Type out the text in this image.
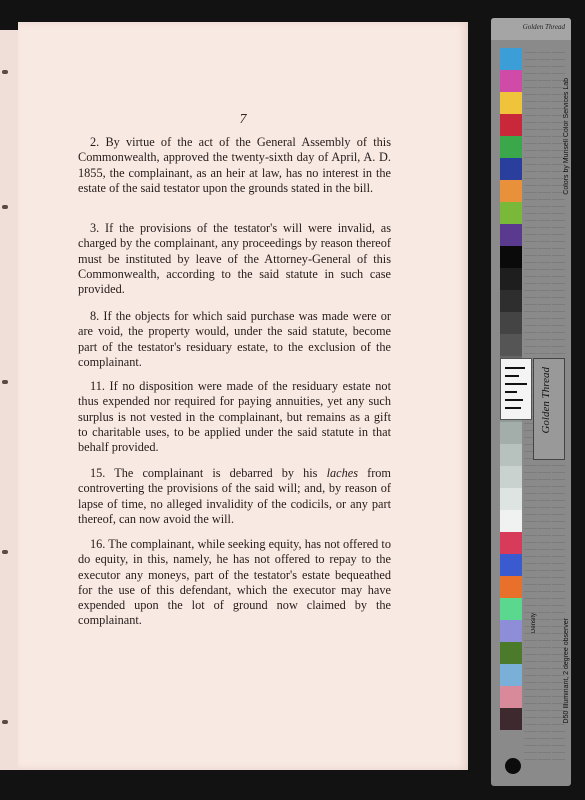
7

2. By virtue of the act of the General Assembly of this Commonwealth, approved the twenty-sixth day of April, A. D. 1855, the complainant, as an heir at law, has no interest in the estate of the said testator upon the grounds stated in the bill.

3. If the provisions of the testator's will were invalid, as charged by the complainant, any proceedings by reason thereof must be instituted by leave of the Attorney-General of this Commonwealth, according to the said statute in such case provided.

8. If the objects for which said purchase was made were or are void, the property would, under the said statute, become part of the testator's residuary estate, to the exclusion of the complainant.

11. If no disposition were made of the residuary estate not thus expended nor required for paying annuities, yet any such surplus is not vested in the complainant, but remains as a gift to charitable uses, to be applied under the said statute in that behalf provided.

15. The complainant is debarred by his laches from controverting the provisions of the said will; and, by reason of lapse of time, no alleged invalidity of the codicils, or any part thereof, can now avoid the will.

16. The complainant, while seeking equity, has not offered to do equity, in this, namely, he has not offered to repay to the executor any moneys, part of the testator's estate bequeathed for the use of this defendant, which the executor may have expended upon the lot of ground now claimed by the complainant.

Golden Thread
Colors by Munsell Color Services Lab
Density	D50 Illuminant, 2 degree observer
Golden Thread
